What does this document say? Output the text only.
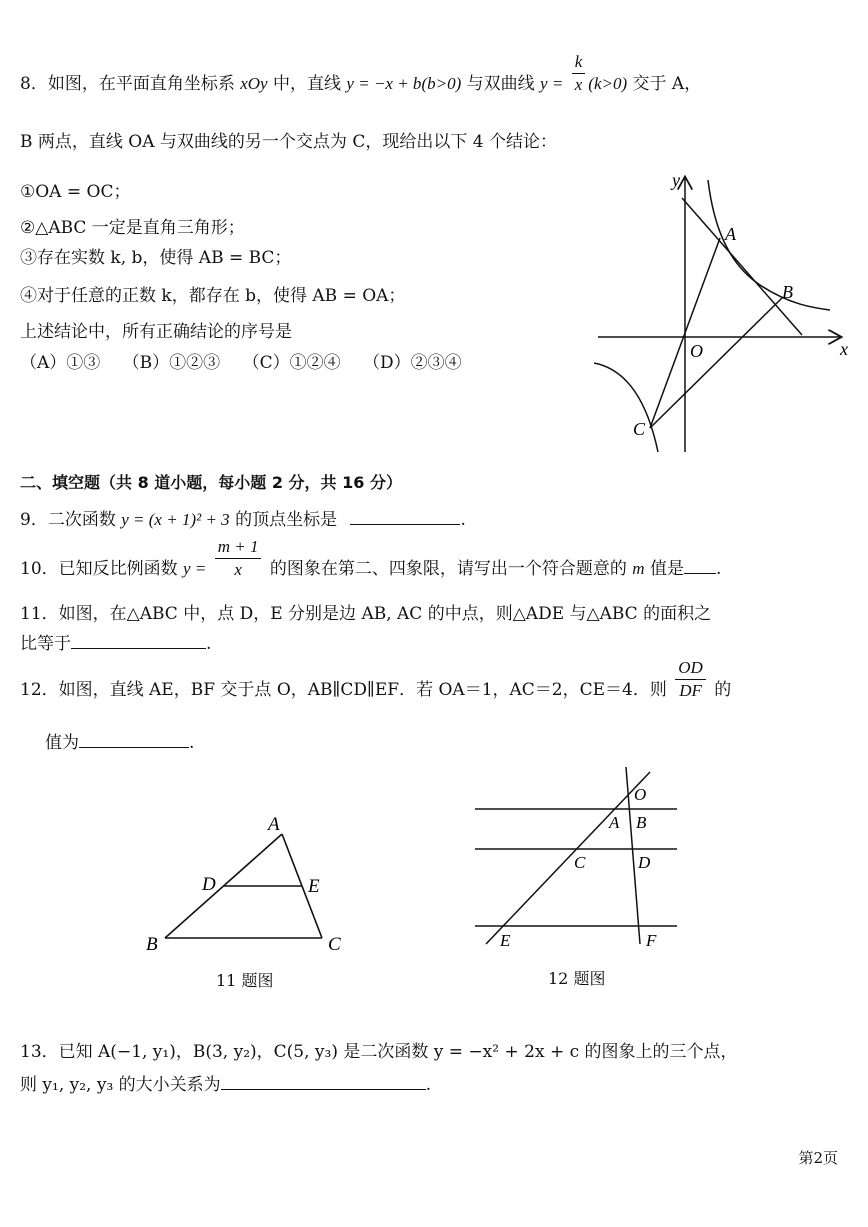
8．如图，在平面直角坐标系 xOy 中，直线 y = −x + b(b>0) 与双曲线 $y = \frac{k}{x} (k>0)$ 交于 A，
B 两点，直线 OA 与双曲线的另一个交点为 C，现给出以下 4 个结论：
①OA = OC；
②△ABC 一定是直角三角形；
③存在实数 k, b，使得 AB = BC；
④对于任意的正数 k，都存在 b，使得 AB = OA；
上述结论中，所有正确结论的序号是
（A）①③　 （B）①②③　 （C）①②④　 （D）②③④
y
x
A
B
O
C
二、填空题（共 8 道小题，每小题 2 分，共 16 分）
9．二次函数 y = (x + 1)² + 3 的顶点坐标是	.
10．已知反比例函数 $y = \frac{m + 1}{x}$ 的图象在第二、四象限，请写出一个符合题意的 m 值是 .
11．如图，在△ABC 中，点 D，E 分别是边 AB, AC 的中点，则△ADE 与△ABC 的面积之
比等于	.
12．如图，直线 AE，BF 交于点 O，AB∥CD∥EF．若 OA＝1，AC＝2，CE＝4．则 $\frac{OD}{DF}$ 的
值为	.
A
B	C
D	E
11 题图
O
A B
C	D
E	F
12 题图
13．已知 A(−1, y₁)，B(3, y₂)，C(5, y₃) 是二次函数 y = −x² + 2x + c 的图象上的三个点，
则 y₁, y₂, y₃ 的大小关系为	.
第2页
